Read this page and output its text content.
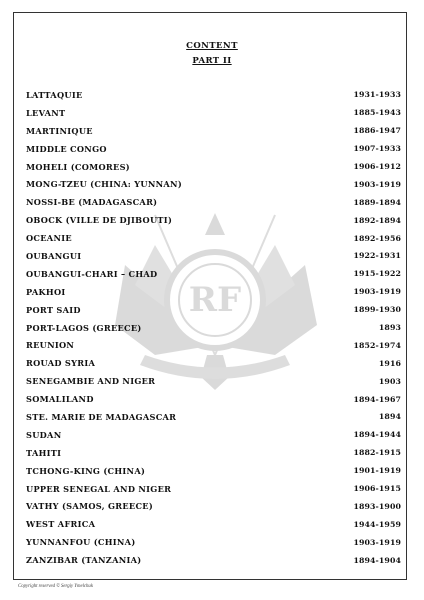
RF
CONTENT
PART II
LATTAQUIE	1931-1933
LEVANT	1885-1943
MARTINIQUE	1886-1947
MIDDLE CONGO	1907-1933
MOHELI (COMORES)	1906-1912
MONG-TZEU (CHINA: YUNNAN)	1903-1919
NOSSI-BE (MADAGASCAR)	1889-1894
OBOCK (VILLE DE DJIBOUTI)	1892-1894
OCEANIE	1892-1956
OUBANGUI	1922-1931
OUBANGUI-CHARI – CHAD	1915-1922
PAKHOI	1903-1919
PORT SAID	1899-1930
PORT-LAGOS (GREECE)	1893
REUNION	1852-1974
ROUAD SYRIA	1916
SENEGAMBIE AND NIGER	1903
SOMALILAND	1894-1967
STE. MARIE DE MADAGASCAR	1894
SUDAN	1894-1944
TAHITI	1882-1915
TCHONG-KING (CHINA)	1901-1919
UPPER SENEGAL AND NIGER	1906-1915
VATHY (SAMOS, GREECE)	1893-1900
WEST AFRICA	1944-1959
YUNNANFOU (CHINA)	1903-1919
ZANZIBAR (TANZANIA)	1894-1904
Copyright reserved © Sergiy Ymelchuk
